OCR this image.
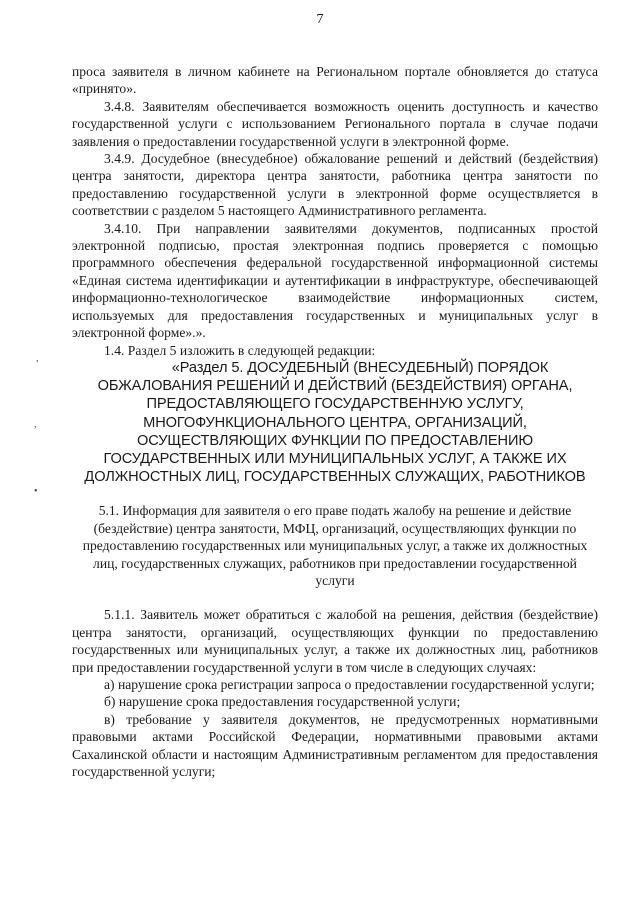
7
,
,
•

проса заявителя в личном кабинете на Региональном портале обновляется до статуса «принято».

3.4.8. Заявителям обеспечивается возможность оценить доступность и качество государственной услуги с использованием Регионального портала в случае подачи заявления о предоставлении государственной услуги в электронной форме.

3.4.9. Досудебное (внесудебное) обжалование решений и действий (бездействия) центра занятости, директора центра занятости, работника центра занятости по предоставлению государственной услуги в электронной форме осуществляется в соответствии с разделом 5 настоящего Административного регламента.

3.4.10. При направлении заявителями документов, подписанных простой электронной подписью, простая электронная подпись проверяется с помощью программного обеспечения федеральной государственной информационной системы «Единая система идентификации и аутентификации в инфраструктуре, обеспечивающей информационно-технологическое взаимодействие информационных систем, используемых для предоставления государственных и муниципальных услуг в электронной форме».».

1.4. Раздел 5 изложить в следующей редакции:

«Раздел 5. ДОСУДЕБНЫЙ (ВНЕСУДЕБНЫЙ) ПОРЯДОК

ОБЖАЛОВАНИЯ РЕШЕНИЙ И ДЕЙСТВИЙ (БЕЗДЕЙСТВИЯ) ОРГАНА, ПРЕДОСТАВЛЯЮЩЕГО ГОСУДАРСТВЕННУЮ УСЛУГУ, МНОГОФУНКЦИОНАЛЬНОГО ЦЕНТРА, ОРГАНИЗАЦИЙ, ОСУЩЕСТВЛЯЮЩИХ ФУНКЦИИ ПО ПРЕДОСТАВЛЕНИЮ ГОСУДАРСТВЕННЫХ ИЛИ МУНИЦИПАЛЬНЫХ УСЛУГ, А ТАКЖЕ ИХ ДОЛЖНОСТНЫХ ЛИЦ, ГОСУДАРСТВЕННЫХ СЛУЖАЩИХ, РАБОТНИКОВ

5.1. Информация для заявителя о его праве подать жалобу на решение и действие (бездействие) центра занятости, МФЦ, организаций, осуществляющих функции по предоставлению государственных или муниципальных услуг, а также их должностных лиц, государственных служащих, работников при предоставлении государственной услуги

5.1.1. Заявитель может обратиться с жалобой на решения, действия (бездействие) центра занятости, организаций, осуществляющих функции по предоставлению государственных или муниципальных услуг, а также их должностных лиц, работников при предоставлении государственной услуги в том числе в следующих случаях:

а) нарушение срока регистрации запроса о предоставлении государственной услуги;

б) нарушение срока предоставления государственной услуги;

в) требование у заявителя документов, не предусмотренных нормативными правовыми актами Российской Федерации, нормативными правовыми актами Сахалинской области и настоящим Административным регламентом для предоставления государственной услуги;
